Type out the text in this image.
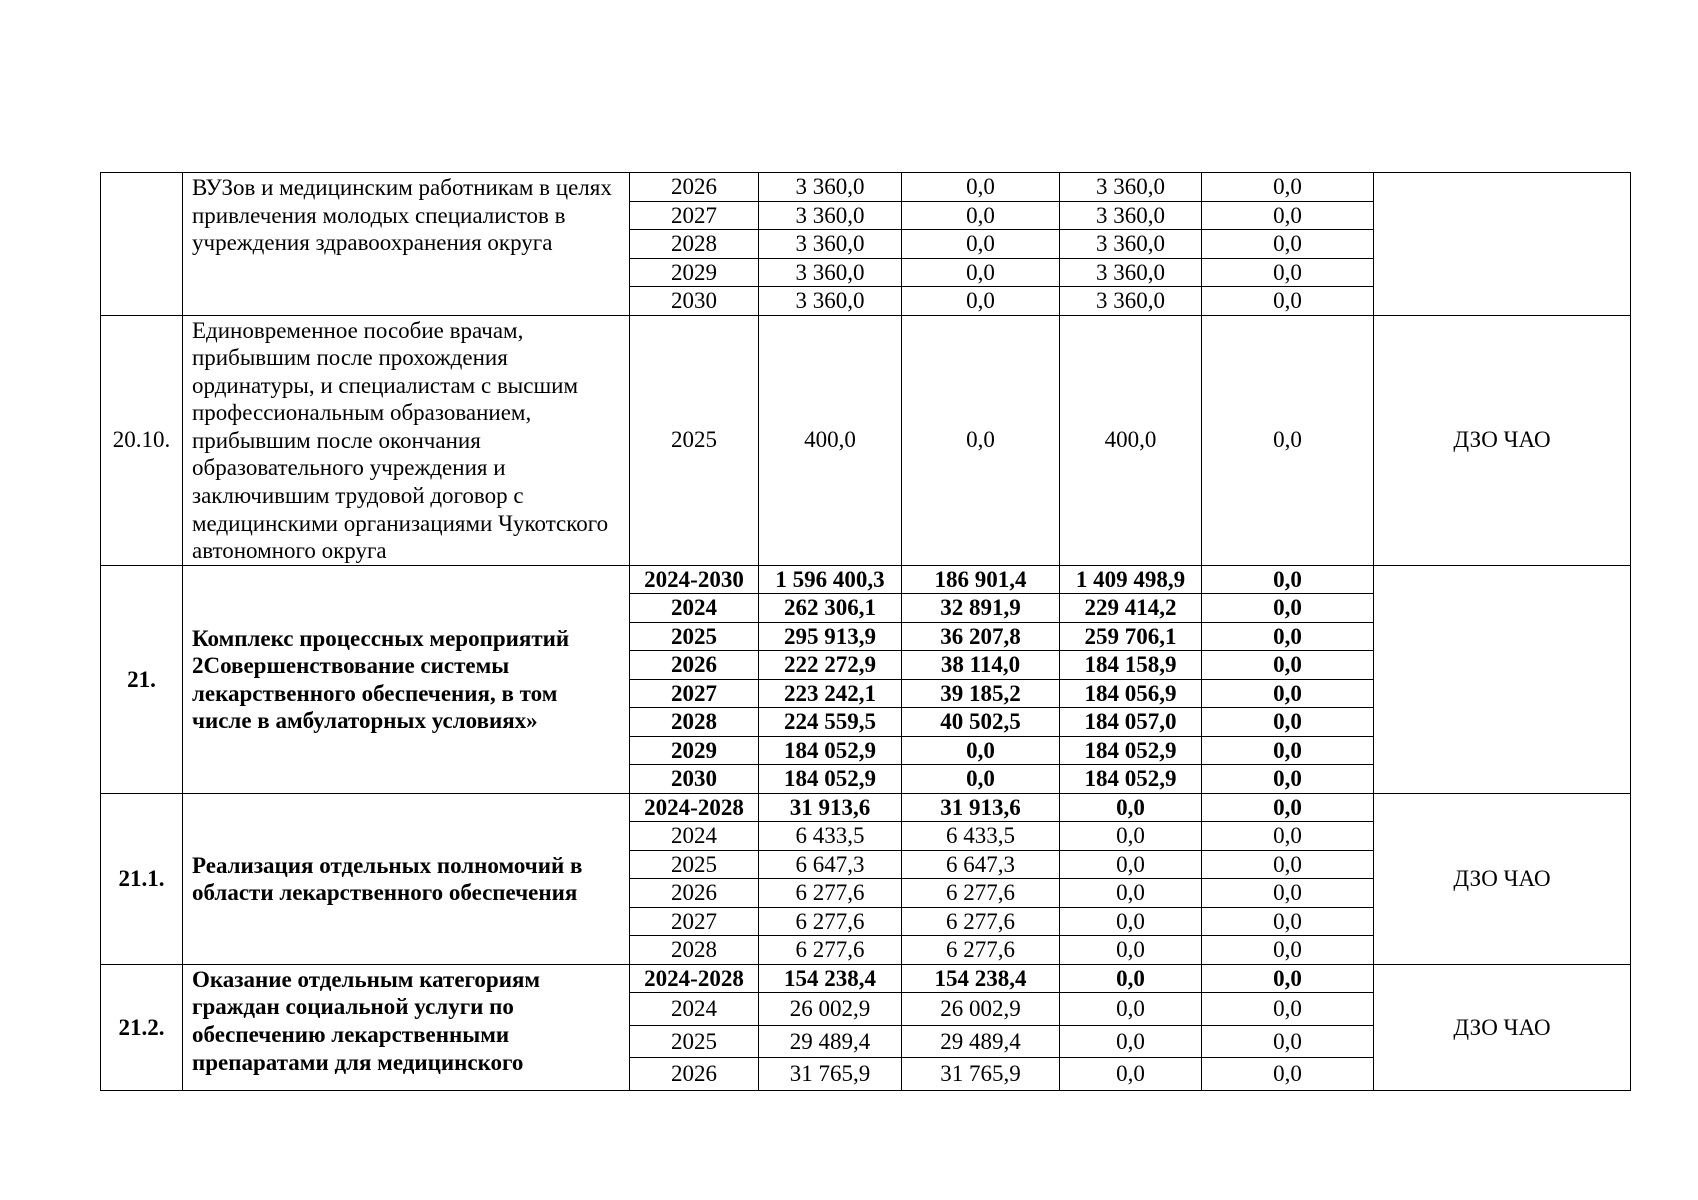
	ВУЗов и медицинским работникам в целях привлечения молодых специалистов в учреждения здравоохранения округа	2026	3 360,0	0,0	3 360,0	0,0	
		2027	3 360,0	0,0	3 360,0	0,0	
		2028	3 360,0	0,0	3 360,0	0,0	
		2029	3 360,0	0,0	3 360,0	0,0	
		2030	3 360,0	0,0	3 360,0	0,0	
20.10.	Единовременное пособие врачам, прибывшим после прохождения ординатуры, и специалистам с высшим профессиональным образованием, прибывшим после окончания образовательного учреждения и заключившим трудовой договор с медицинскими организациями Чукотского автономного округа	2025	400,0	0,0	400,0	0,0	ДЗО ЧАО
21.	Комплекс процессных мероприятий 2Совершенствование системы лекарственного обеспечения, в том числе в амбулаторных условиях»	2024-2030	1 596 400,3	186 901,4	1 409 498,9	0,0	
		2024	262 306,1	32 891,9	229 414,2	0,0	
		2025	295 913,9	36 207,8	259 706,1	0,0	
		2026	222 272,9	38 114,0	184 158,9	0,0	
		2027	223 242,1	39 185,2	184 056,9	0,0	
		2028	224 559,5	40 502,5	184 057,0	0,0	
		2029	184 052,9	0,0	184 052,9	0,0	
		2030	184 052,9	0,0	184 052,9	0,0	
21.1.	Реализация отдельных полномочий в области лекарственного обеспечения	2024-2028	31 913,6	31 913,6	0,0	0,0	ДЗО ЧАО
		2024	6 433,5	6 433,5	0,0	0,0	
		2025	6 647,3	6 647,3	0,0	0,0	
		2026	6 277,6	6 277,6	0,0	0,0	
		2027	6 277,6	6 277,6	0,0	0,0	
		2028	6 277,6	6 277,6	0,0	0,0	
21.2.	Оказание отдельным категориям граждан социальной услуги по обеспечению лекарственными препаратами для медицинского	2024-2028	154 238,4	154 238,4	0,0	0,0	ДЗО ЧАО
		2024	26 002,9	26 002,9	0,0	0,0	
		2025	29 489,4	29 489,4	0,0	0,0	
		2026	31 765,9	31 765,9	0,0	0,0	
